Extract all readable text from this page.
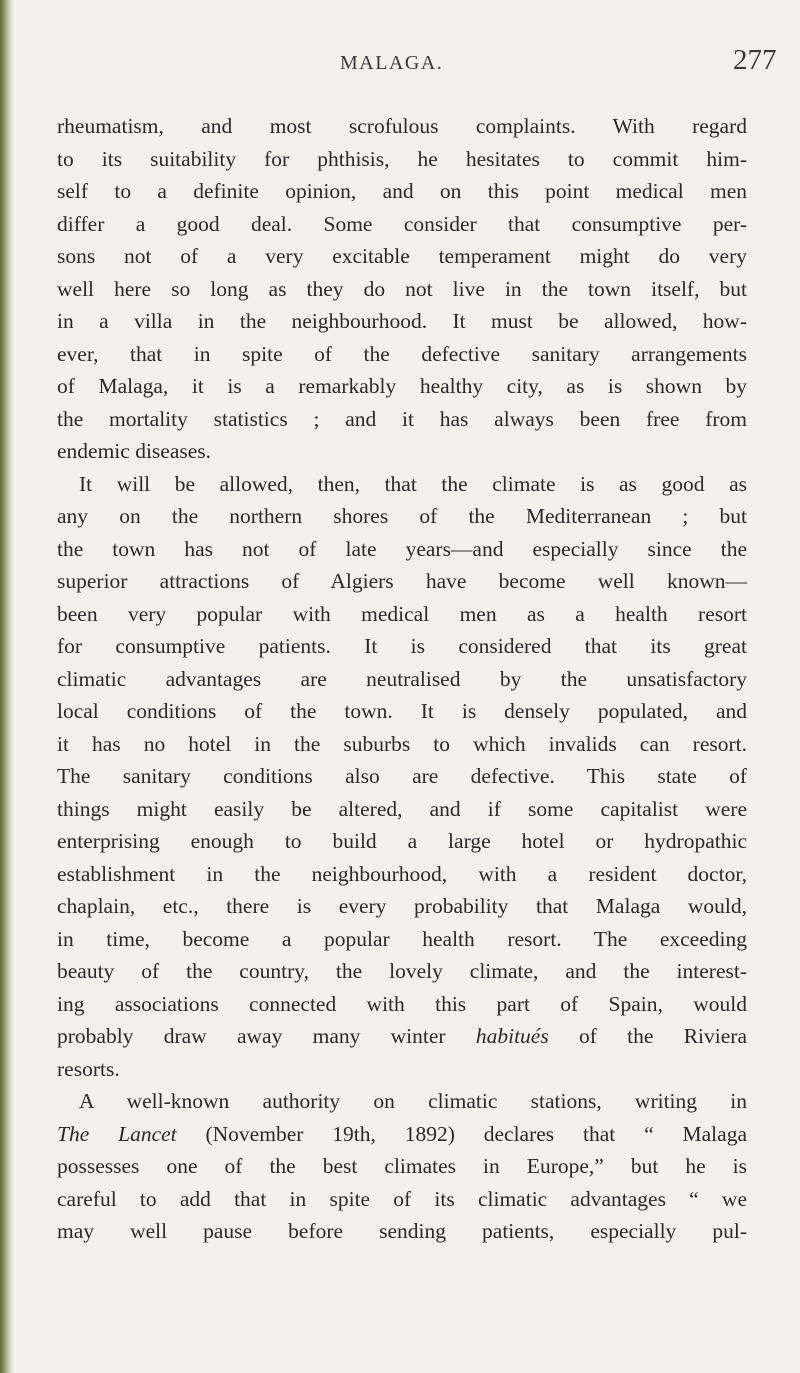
MALAGA.	277
rheumatism, and most scrofulous complaints. With regard
to its suitability for phthisis, he hesitates to commit him-
self to a definite opinion, and on this point medical men
differ a good deal. Some consider that consumptive per-
sons not of a very excitable temperament might do very
well here so long as they do not live in the town itself, but
in a villa in the neighbourhood. It must be allowed, how-
ever, that in spite of the defective sanitary arrangements
of Malaga, it is a remarkably healthy city, as is shown by
the mortality statistics ; and it has always been free from
endemic diseases.
It will be allowed, then, that the climate is as good as
any on the northern shores of the Mediterranean ; but
the town has not of late years—and especially since the
superior attractions of Algiers have become well known—
been very popular with medical men as a health resort
for consumptive patients. It is considered that its great
climatic advantages are neutralised by the unsatisfactory
local conditions of the town. It is densely populated, and
it has no hotel in the suburbs to which invalids can resort.
The sanitary conditions also are defective. This state of
things might easily be altered, and if some capitalist were
enterprising enough to build a large hotel or hydropathic
establishment in the neighbourhood, with a resident doctor,
chaplain, etc., there is every probability that Malaga would,
in time, become a popular health resort. The exceeding
beauty of the country, the lovely climate, and the interest-
ing associations connected with this part of Spain, would
probably draw away many winter habitués of the Riviera
resorts.
A well-known authority on climatic stations, writing in
The Lancet (November 19th, 1892) declares that “ Malaga
possesses one of the best climates in Europe,” but he is
careful to add that in spite of its climatic advantages “ we
may well pause before sending patients, especially pul-
